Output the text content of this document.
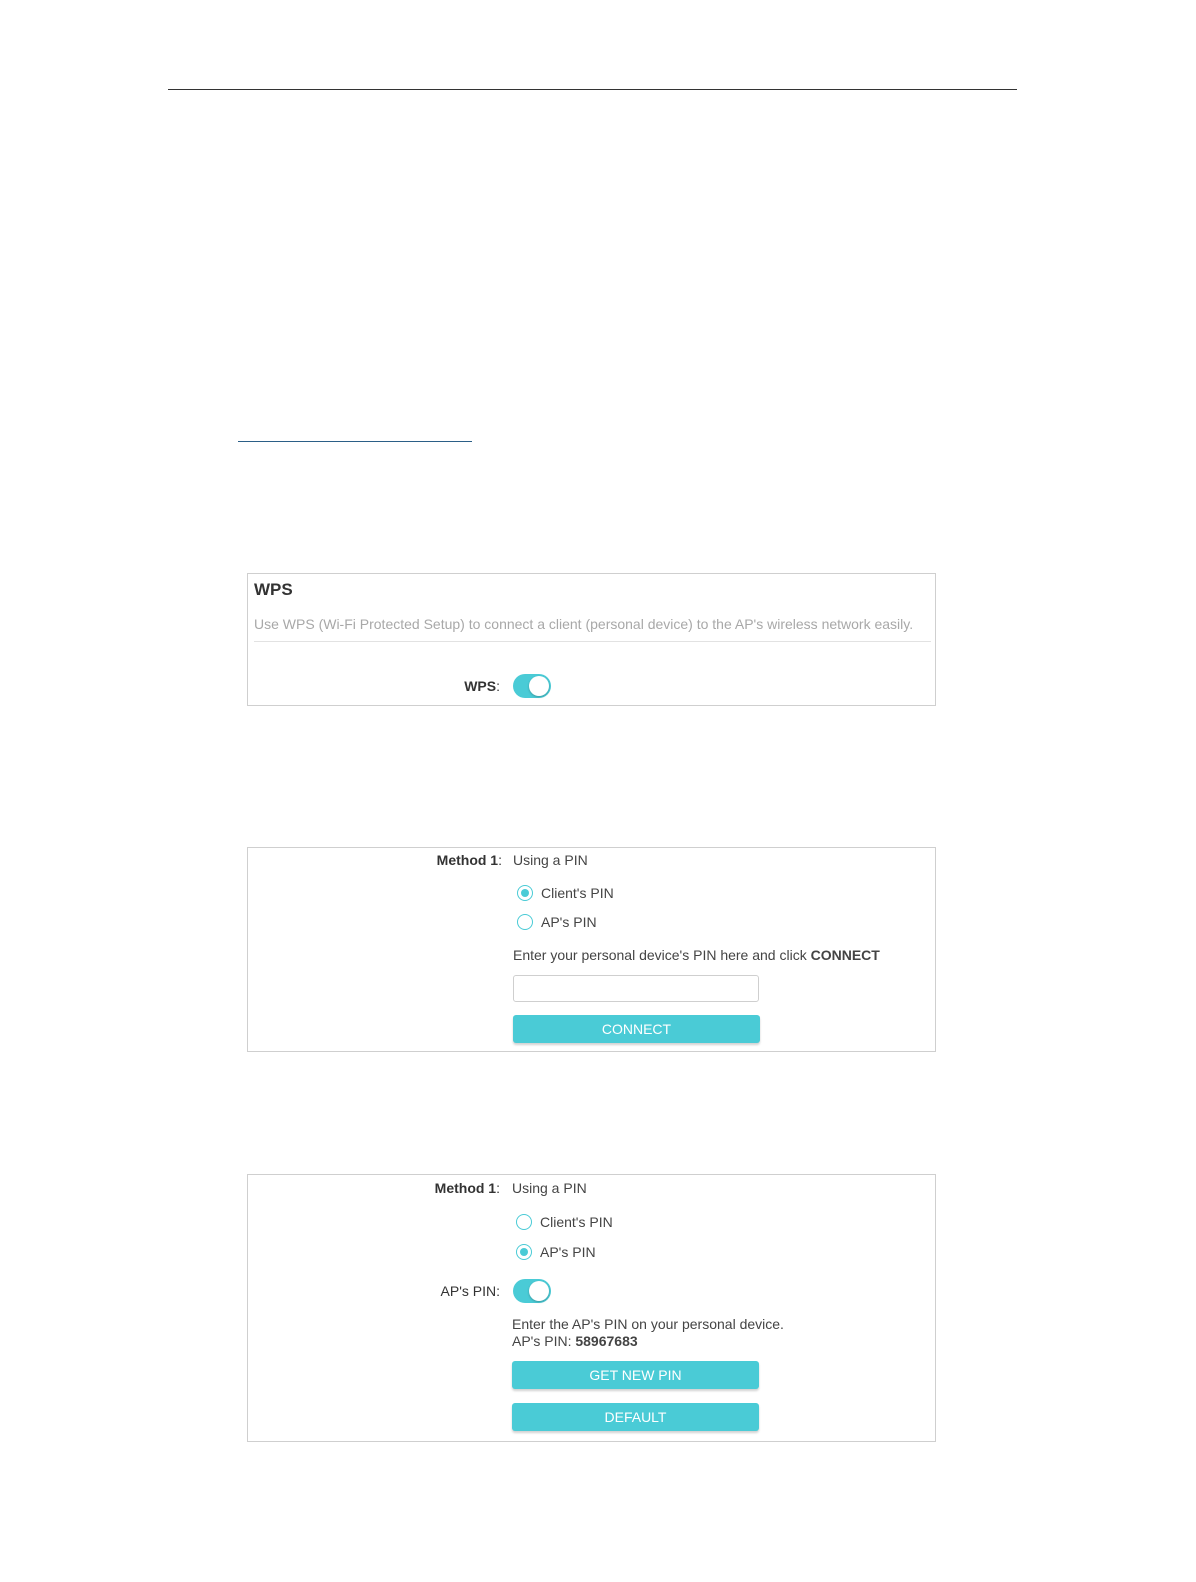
WPS
Use WPS (Wi-Fi Protected Setup) to connect a client (personal device) to the AP's wireless network easily.
WPS:
Method 1: Using a PIN
Client's PIN
AP's PIN
Enter your personal device's PIN here and click CONNECT
CONNECT
Method 1: Using a PIN
Client's PIN
AP's PIN
AP's PIN:
Enter the AP's PIN on your personal device.
AP's PIN: 58967683
GET NEW PIN
DEFAULT
